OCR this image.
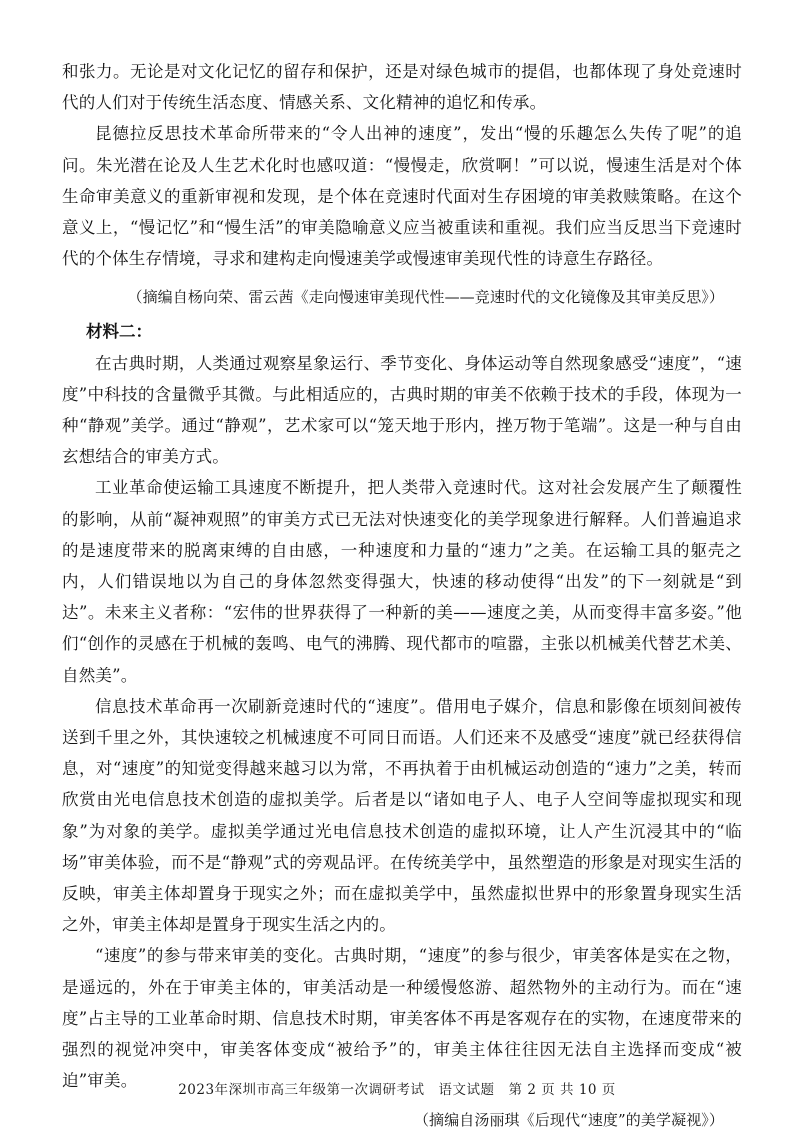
和张力。无论是对文化记忆的留存和保护，还是对绿色城市的提倡，也都体现了身处竞速时代的人们对于传统生活态度、情感关系、文化精神的追忆和传承。

昆德拉反思技术革命所带来的“令人出神的速度”，发出“慢的乐趣怎么失传了呢”的追问。朱光潜在论及人生艺术化时也感叹道：“慢慢走，欣赏啊！”可以说，慢速生活是对个体生命审美意义的重新审视和发现，是个体在竞速时代面对生存困境的审美救赎策略。在这个意义上，“慢记忆”和“慢生活”的审美隐喻意义应当被重读和重视。我们应当反思当下竞速时代的个体生存情境，寻求和建构走向慢速美学或慢速审美现代性的诗意生存路径。

（摘编自杨向荣、雷云茜《走向慢速审美现代性——竞速时代的文化镜像及其审美反思》）

材料二：

在古典时期，人类通过观察星象运行、季节变化、身体运动等自然现象感受“速度”，“速度”中科技的含量微乎其微。与此相适应的，古典时期的审美不依赖于技术的手段，体现为一种“静观”美学。通过“静观”，艺术家可以“笼天地于形内，挫万物于笔端”。这是一种与自由玄想结合的审美方式。

工业革命使运输工具速度不断提升，把人类带入竞速时代。这对社会发展产生了颠覆性的影响，从前“凝神观照”的审美方式已无法对快速变化的美学现象进行解释。人们普遍追求的是速度带来的脱离束缚的自由感，一种速度和力量的“速力”之美。在运输工具的躯壳之内，人们错误地以为自己的身体忽然变得强大，快速的移动使得“出发”的下一刻就是“到达”。未来主义者称：“宏伟的世界获得了一种新的美——速度之美，从而变得丰富多姿。”他们“创作的灵感在于机械的轰鸣、电气的沸腾、现代都市的喧嚣，主张以机械美代替艺术美、自然美”。

信息技术革命再一次刷新竞速时代的“速度”。借用电子媒介，信息和影像在顷刻间被传送到千里之外，其快速较之机械速度不可同日而语。人们还来不及感受“速度”就已经获得信息，对“速度”的知觉变得越来越习以为常，不再执着于由机械运动创造的“速力”之美，转而欣赏由光电信息技术创造的虚拟美学。后者是以“诸如电子人、电子人空间等虚拟现实和现象”为对象的美学。虚拟美学通过光电信息技术创造的虚拟环境，让人产生沉浸其中的“临场”审美体验，而不是“静观”式的旁观品评。在传统美学中，虽然塑造的形象是对现实生活的反映，审美主体却置身于现实之外；而在虚拟美学中，虽然虚拟世界中的形象置身现实生活之外，审美主体却是置身于现实生活之内的。

“速度”的参与带来审美的变化。古典时期，“速度”的参与很少，审美客体是实在之物，是遥远的，外在于审美主体的，审美活动是一种缓慢悠游、超然物外的主动行为。而在“速度”占主导的工业革命时期、信息技术时期，审美客体不再是客观存在的实物，在速度带来的强烈的视觉冲突中，审美客体变成“被给予”的，审美主体往往因无法自主选择而变成“被迫”审美。

（摘编自汤丽琪《后现代“速度”的美学凝视》）

2023年深圳市高三年级第一次调研考试　语文试题　第 2 页 共 10 页
